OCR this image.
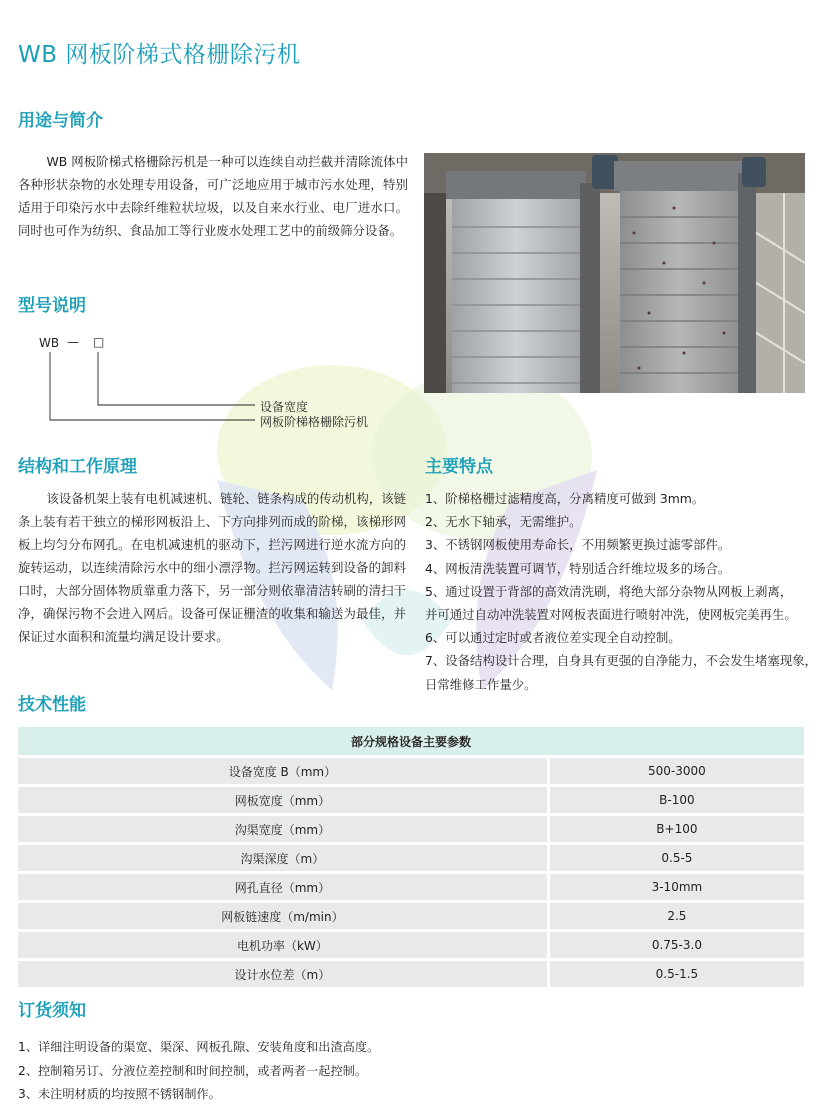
WB 网板阶梯式格栅除污机
用途与简介
WB 网板阶梯式格栅除污机是一种可以连续自动拦截并清除流体中各种形状杂物的水处理专用设备，可广泛地应用于城市污水处理，特别适用于印染污水中去除纤维粒状垃圾，以及自来水行业、电厂进水口。同时也可作为纺织、食品加工等行业废水处理工艺中的前级筛分设备。
型号说明
WB —	□
设备宽度
网板阶梯格栅除污机
结构和工作原理
该设备机架上装有电机减速机、链轮、链条构成的传动机构，该链条上装有若干独立的梯形网板沿上、下方向排列而成的阶梯，该梯形网板上均匀分布网孔。在电机减速机的驱动下，拦污网进行逆水流方向的旋转运动，以连续清除污水中的细小漂浮物。拦污网运转到设备的卸料口时，大部分固体物质靠重力落下，另一部分则依靠清洁转刷的清扫干净，确保污物不会进入网后。设备可保证栅渣的收集和输送为最佳，并保证过水面积和流量均满足设计要求。
主要特点
1、阶梯格栅过滤精度高，分离精度可做到 3mm。
2、无水下轴承，无需维护。
3、不锈钢网板使用寿命长，不用频繁更换过滤零部件。
4、网板清洗装置可调节，特别适合纤维垃圾多的场合。
5、通过设置于背部的高效清洗刷，将绝大部分杂物从网板上剥离，
并可通过自动冲洗装置对网板表面进行喷射冲洗，使网板完美再生。
6、可以通过定时或者液位差实现全自动控制。
7、设备结构设计合理，自身具有更强的自净能力，不会发生堵塞现象，
日常维修工作量少。
技术性能
部分规格设备主要参数		
设备宽度 B（mm）		500-3000
网板宽度（mm）		B-100
沟渠宽度（mm）		B+100
沟渠深度（m）		0.5-5
网孔直径（mm）		3-10mm
网板链速度（m/min）		2.5
电机功率（kW）		0.75-3.0
设计水位差（m）		0.5-1.5
订货须知
1、详细注明设备的渠宽、渠深、网板孔隙、安装角度和出渣高度。
2、控制箱另订、分液位差控制和时间控制，或者两者一起控制。
3、未注明材质的均按照不锈钢制作。
